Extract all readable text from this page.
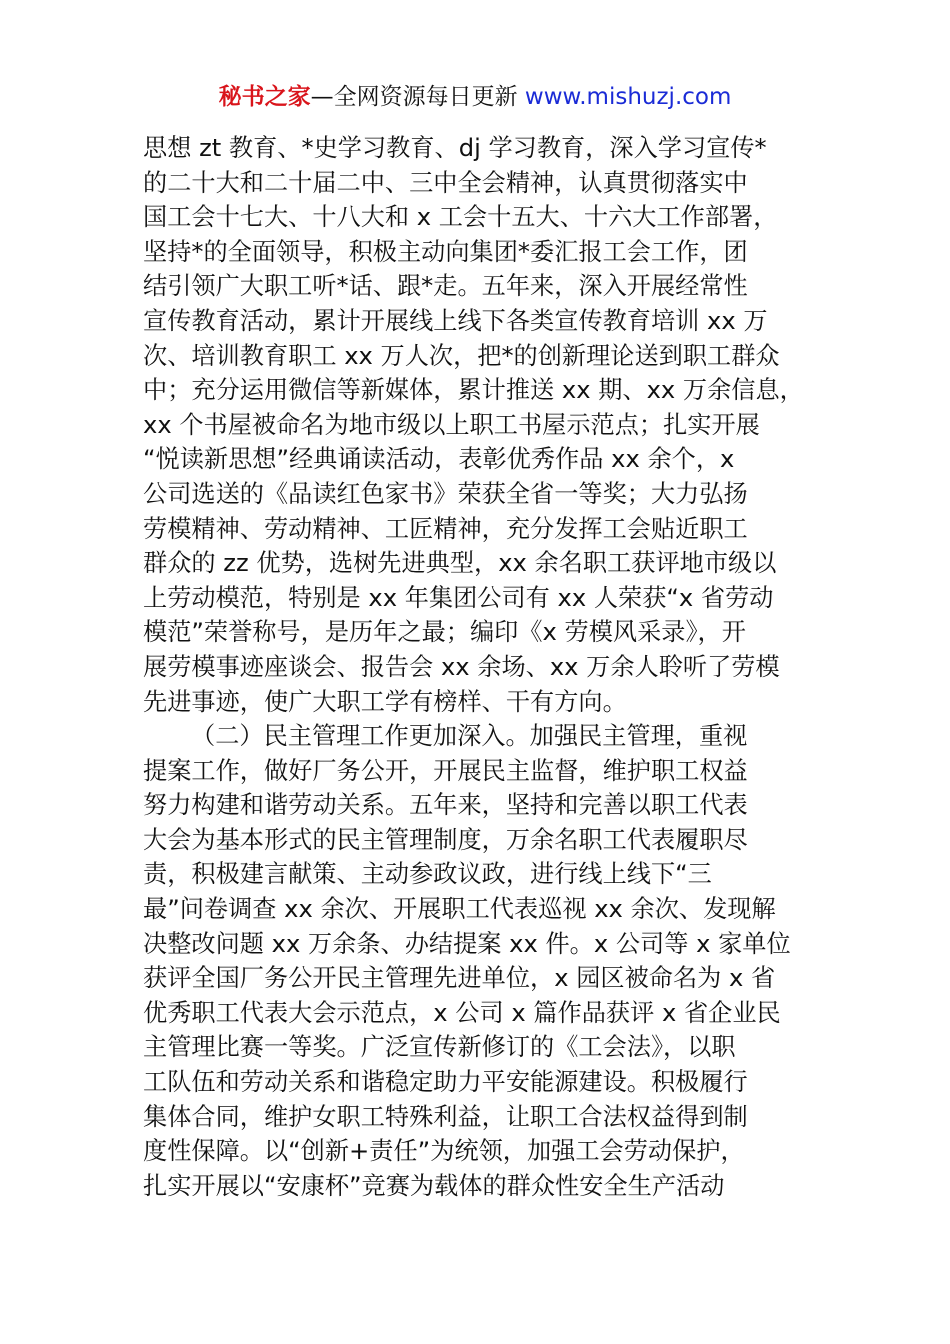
秘书之家—全网资源每日更新 www.mishuzj.com
思想 zt 教育、*史学习教育、dj 学习教育，深入学习宣传*
的二十大和二十届二中、三中全会精神，认真贯彻落实中
国工会十七大、十八大和 x 工会十五大、十六大工作部署，
坚持*的全面领导，积极主动向集团*委汇报工会工作，团
结引领广大职工听*话、跟*走。五年来，深入开展经常性
宣传教育活动，累计开展线上线下各类宣传教育培训 xx 万
次、培训教育职工 xx 万人次，把*的创新理论送到职工群众
中；充分运用微信等新媒体，累计推送 xx 期、xx 万余信息，
xx 个书屋被命名为地市级以上职工书屋示范点；扎实开展
“悦读新思想”经典诵读活动，表彰优秀作品 xx 余个，x
公司选送的《品读红色家书》荣获全省一等奖；大力弘扬
劳模精神、劳动精神、工匠精神，充分发挥工会贴近职工
群众的 zz 优势，选树先进典型，xx 余名职工获评地市级以
上劳动模范，特别是 xx 年集团公司有 xx 人荣获“x 省劳动
模范”荣誉称号，是历年之最；编印《x 劳模风采录》，开
展劳模事迹座谈会、报告会 xx 余场、xx 万余人聆听了劳模
先进事迹，使广大职工学有榜样、干有方向。
（二）民主管理工作更加深入。加强民主管理，重视
提案工作，做好厂务公开，开展民主监督，维护职工权益
努力构建和谐劳动关系。五年来，坚持和完善以职工代表
大会为基本形式的民主管理制度，万余名职工代表履职尽
责，积极建言献策、主动参政议政，进行线上线下“三
最”问卷调查 xx 余次、开展职工代表巡视 xx 余次、发现解
决整改问题 xx 万余条、办结提案 xx 件。x 公司等 x 家单位
获评全国厂务公开民主管理先进单位，x 园区被命名为 x 省
优秀职工代表大会示范点，x 公司 x 篇作品获评 x 省企业民
主管理比赛一等奖。广泛宣传新修订的《工会法》，以职
工队伍和劳动关系和谐稳定助力平安能源建设。积极履行
集体合同，维护女职工特殊利益，让职工合法权益得到制
度性保障。以“创新+责任”为统领，加强工会劳动保护，
扎实开展以“安康杯”竞赛为载体的群众性安全生产活动
